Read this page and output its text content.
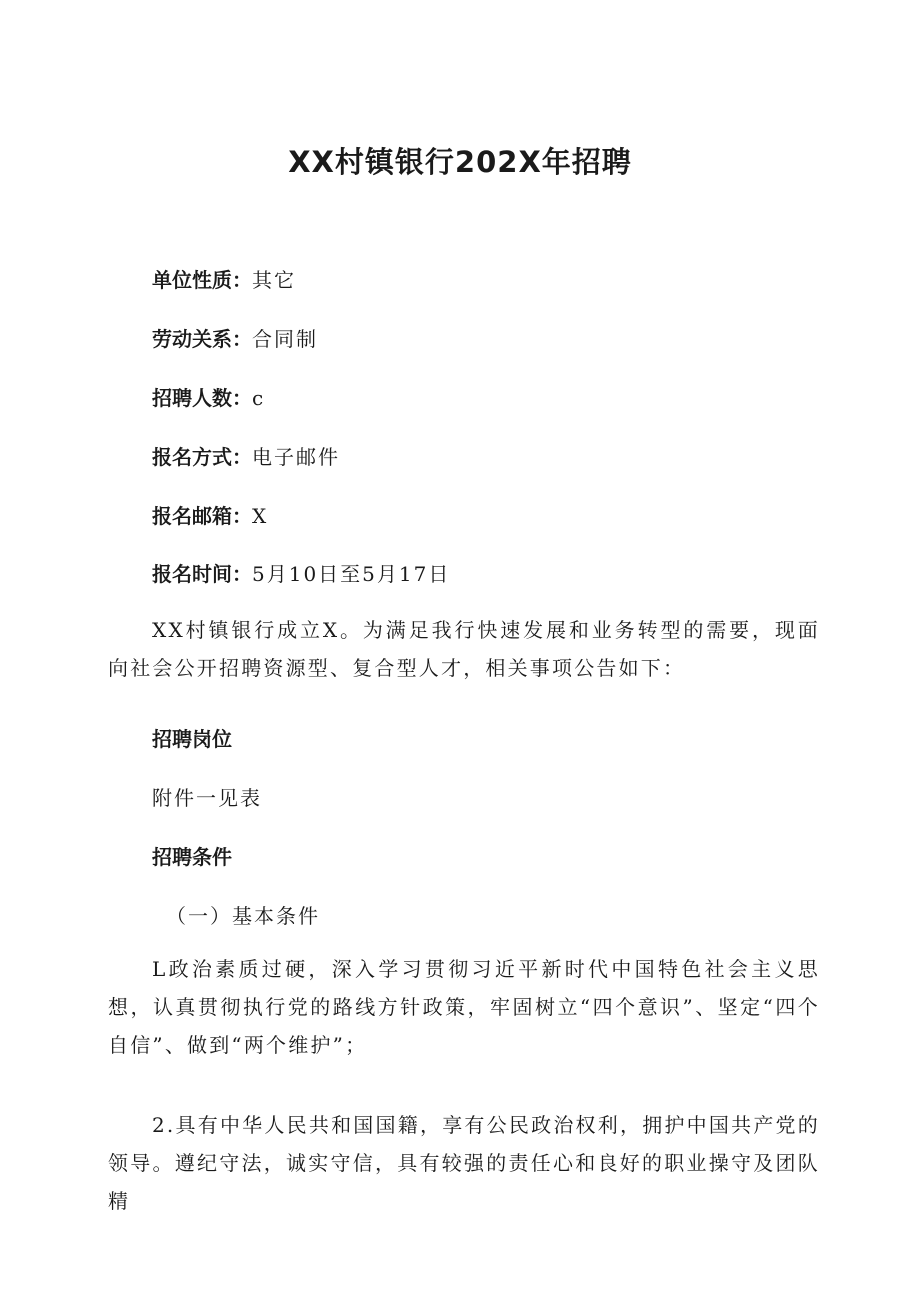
XX村镇银行202X年招聘
单位性质：其它
劳动关系：合同制
招聘人数：c
报名方式：电子邮件
报名邮箱：X
报名时间：5月10日至5月17日
XX村镇银行成立X。为满足我行快速发展和业务转型的需要，现面向社会公开招聘资源型、复合型人才，相关事项公告如下：
招聘岗位
附件一见表
招聘条件
（一）基本条件
L政治素质过硬，深入学习贯彻习近平新时代中国特色社会主义思想，认真贯彻执行党的路线方针政策，牢固树立“四个意识”、坚定“四个自信”、做到“两个维护”；
2.具有中华人民共和国国籍，享有公民政治权利，拥护中国共产党的领导。遵纪守法，诚实守信，具有较强的责任心和良好的职业操守及团队精
